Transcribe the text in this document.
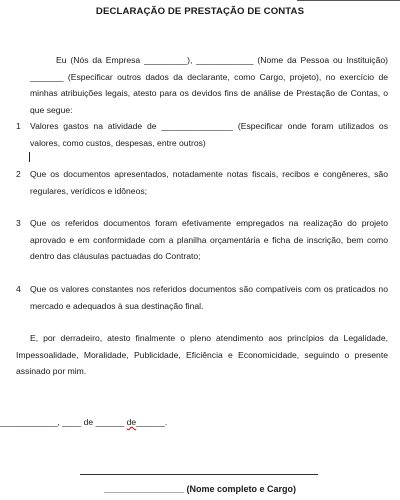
DECLARAÇÃO DE PRESTAÇÃO DE CONTAS
Eu (Nós da Empresa _________), ____________ (Nome da Pessoa ou Instituição) _______ (Especificar outros dados da declarante, como Cargo, projeto), no exercício de minhas atribuições legais, atesto para os devidos fins de análise de Prestação de Contas, o que segue:
1	Valores gastos na atividade de _______________ (Especificar onde foram utilizados os valores, como custos, despesas, entre outros)
2	Que os documentos apresentados, notadamente notas fiscais, recibos e congêneres, são regulares, verídicos e idôneos;
3	Que os referidos documentos foram efetivamente empregados na realização do projeto aprovado e em conformidade com a planilha orçamentária e ficha de inscrição, bem como dentro das cláusulas pactuadas do Contrato;
4	Que os valores constantes nos referidos documentos são compatíveis com os praticados no mercado e adequados à sua destinação final.
E, por derradeiro, atesto finalmente o pleno atendimento aos princípios da Legalidade, Impessoalidade, Moralidade, Publicidade, Eficiência e Economicidade, seguindo o presente assinado por mim.
____________, ____ de ______ de______.
________________ (Nome completo e Cargo)
